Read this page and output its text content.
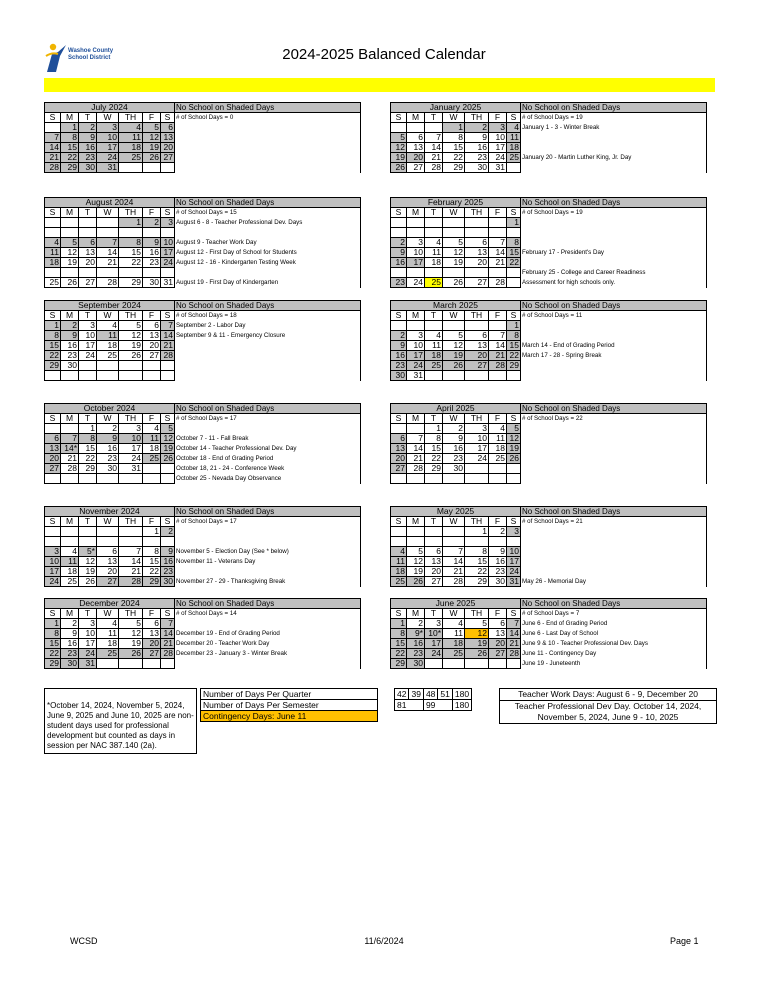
Washoe County School District	2024-2025 Balanced Calendar
July 2024							No School on Shaded Days
S	M	T	W	TH	F	S	# of School Days = 0
	1	2	3	4	5	6	
7	8	9	10	11	12	13	
14	15	16	17	18	19	20	
21	22	23	24	25	26	27	
28	29	30	31				
January 2025							No School on Shaded Days
S	M	T	W	TH	F	S	# of School Days = 19
			1	2	3	4	January 1 - 3 - Winter Break
5	6	7	8	9	10	11	
12	13	14	15	16	17	18	
19	20	21	22	23	24	25	January 20 - Martin Luther King, Jr. Day
26	27	28	29	30	31		
August 2024							No School on Shaded Days
S	M	T	W	TH	F	S	# of School Days = 15
				1	2	3	August 6 - 8 - Teacher Professional Dev. Days

4	5	6	7	8	9	10	August 9 - Teacher Work Day
11	12	13	14	15	16	17	August 12 - First Day of School for Students
18	19	20	21	22	23	24	August 12 - 16 - Kindergarten Testing Week

25	26	27	28	29	30	31	August 19 - First Day of Kindergarten
February 2025							No School on Shaded Days
S	M	T	W	TH	F	S	# of School Days = 19
						1	

2	3	4	5	6	7	8	
9	10	11	12	13	14	15	February 17 - President's Day
16	17	18	19	20	21	22	
							February 25 - College and Career Readiness
23	24	25	26	27	28		Assessment for high schools only.
September 2024							No School on Shaded Days
S	M	T	W	TH	F	S	# of School Days = 18
1	2	3	4	5	6	7	September 2 - Labor Day
8	9	10	11	12	13	14	September 9 & 11 - Emergency Closure
15	16	17	18	19	20	21	
22	23	24	25	26	27	28	
29	30						

March 2025							No School on Shaded Days
S	M	T	W	TH	F	S	# of School Days = 11
						1	
2	3	4	5	6	7	8	
9	10	11	12	13	14	15	March 14 - End of Grading Period
16	17	18	19	20	21	22	March 17 - 28 - Spring Break
23	24	25	26	27	28	29	
30	31						
October 2024							No School on Shaded Days
S	M	T	W	TH	F	S	# of School Days = 17
		1	2	3	4	5	
6	7	8	9	10	11	12	October 7 - 11 - Fall Break
13	14*	15	16	17	18	19	October 14 - Teacher Professional Dev. Day
20	21	22	23	24	25	26	October 18 - End of Grading Period
27	28	29	30	31			October 18, 21 - 24 - Conference Week
							October 25 - Nevada Day Observance
April 2025							No School on Shaded Days
S	M	T	W	TH	F	S	# of School Days = 22
		1	2	3	4	5	
6	7	8	9	10	11	12	
13	14	15	16	17	18	19	
20	21	22	23	24	25	26	
27	28	29	30				

November 2024							No School on Shaded Days
S	M	T	W	TH	F	S	# of School Days = 17
					1	2	

3	4	5*	6	7	8	9	November 5 - Election Day (See * below)
10	11	12	13	14	15	16	November 11 - Veterans Day
17	18	19	20	21	22	23	
24	25	26	27	28	29	30	November 27 - 29 - Thanksgiving Break
May 2025							No School on Shaded Days
S	M	T	W	TH	F	S	# of School Days = 21
				1	2	3	

4	5	6	7	8	9	10	
11	12	13	14	15	16	17	
18	19	20	21	22	23	24	
25	26	27	28	29	30	31	May 26 - Memorial Day
December 2024							No School on Shaded Days
S	M	T	W	TH	F	S	# of School Days = 14
1	2	3	4	5	6	7	
8	9	10	11	12	13	14	December 19 - End of Grading Period
15	16	17	18	19	20	21	December 20 - Teacher Work Day
22	23	24	25	26	27	28	December 23 - January 3 - Winter Break
29	30	31					
June 2025							No School on Shaded Days
S	M	T	W	TH	F	S	# of School Days = 7
1	2	3	4	5	6	7	June 6 - End of Grading Period
8	9*	10*	11	12	13	14	June 6 - Last Day of School
15	16	17	18	19	20	21	June 9 & 10 - Teacher Professional Dev. Days
22	23	24	25	26	27	28	June 11 - Contingency Day
29	30						June 19 - Juneteenth
*October 14, 2024, November 5, 2024, June 9, 2025 and June 10, 2025 are non-student days used for professional development but counted as days in session per NAC 387.140 (2a).
Number of Days Per Quarter		42	39	48	51	180
Number of Days Per Semester		81		99		180
Contingency Days: June 11						
Teacher Work Days: August 6 - 9, December 20
Teacher Professional Dev Day. October 14, 2024, November 5, 2024, June 9 - 10, 2025
WCSD	11/6/2024	Page 1
